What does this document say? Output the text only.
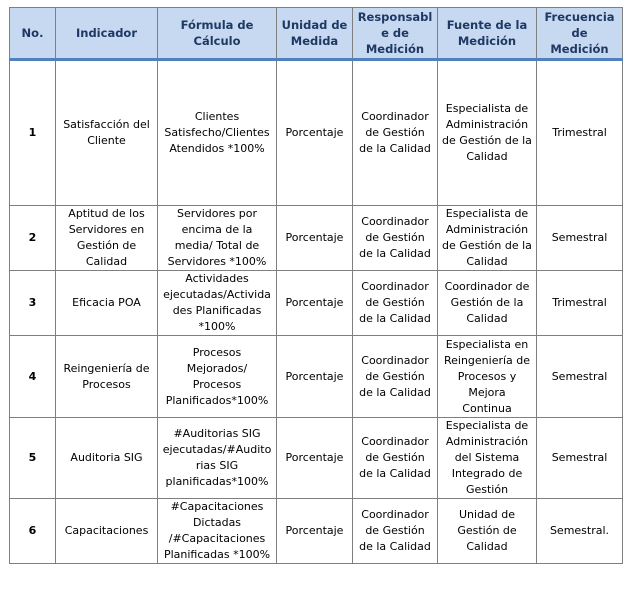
No.	Indicador	Fórmula de Cálculo	Unidad de Medida	Responsable de Medición	Fuente de la Medición	Frecuencia de Medición
1	Satisfacción del Cliente	Clientes Satisfecho/Clientes Atendidos *100%	Porcentaje	Coordinador de Gestión de la Calidad	Especialista de Administración de Gestión de la Calidad	Trimestral
2	Aptitud de los Servidores en Gestión de Calidad	Servidores por encima de la media/ Total de Servidores *100%	Porcentaje	Coordinador de Gestión de la Calidad	Especialista de Administración de Gestión de la Calidad	Semestral
3	Eficacia POA	Actividades ejecutadas/Actividades Planificadas *100%	Porcentaje	Coordinador de Gestión de la Calidad	Coordinador de Gestión de la Calidad	Trimestral
4	Reingeniería de Procesos	Procesos Mejorados/ Procesos Planificados*100%	Porcentaje	Coordinador de Gestión de la Calidad	Especialista en Reingeniería de Procesos y Mejora Continua	Semestral
5	Auditoria SIG	#Auditorias SIG ejecutadas/#Auditorias SIG planificadas*100%	Porcentaje	Coordinador de Gestión de la Calidad	Especialista de Administración del Sistema Integrado de Gestión	Semestral
6	Capacitaciones	#Capacitaciones Dictadas /#Capacitaciones Planificadas *100%	Porcentaje	Coordinador de Gestión de la Calidad	Unidad de Gestión de Calidad	Semestral.
